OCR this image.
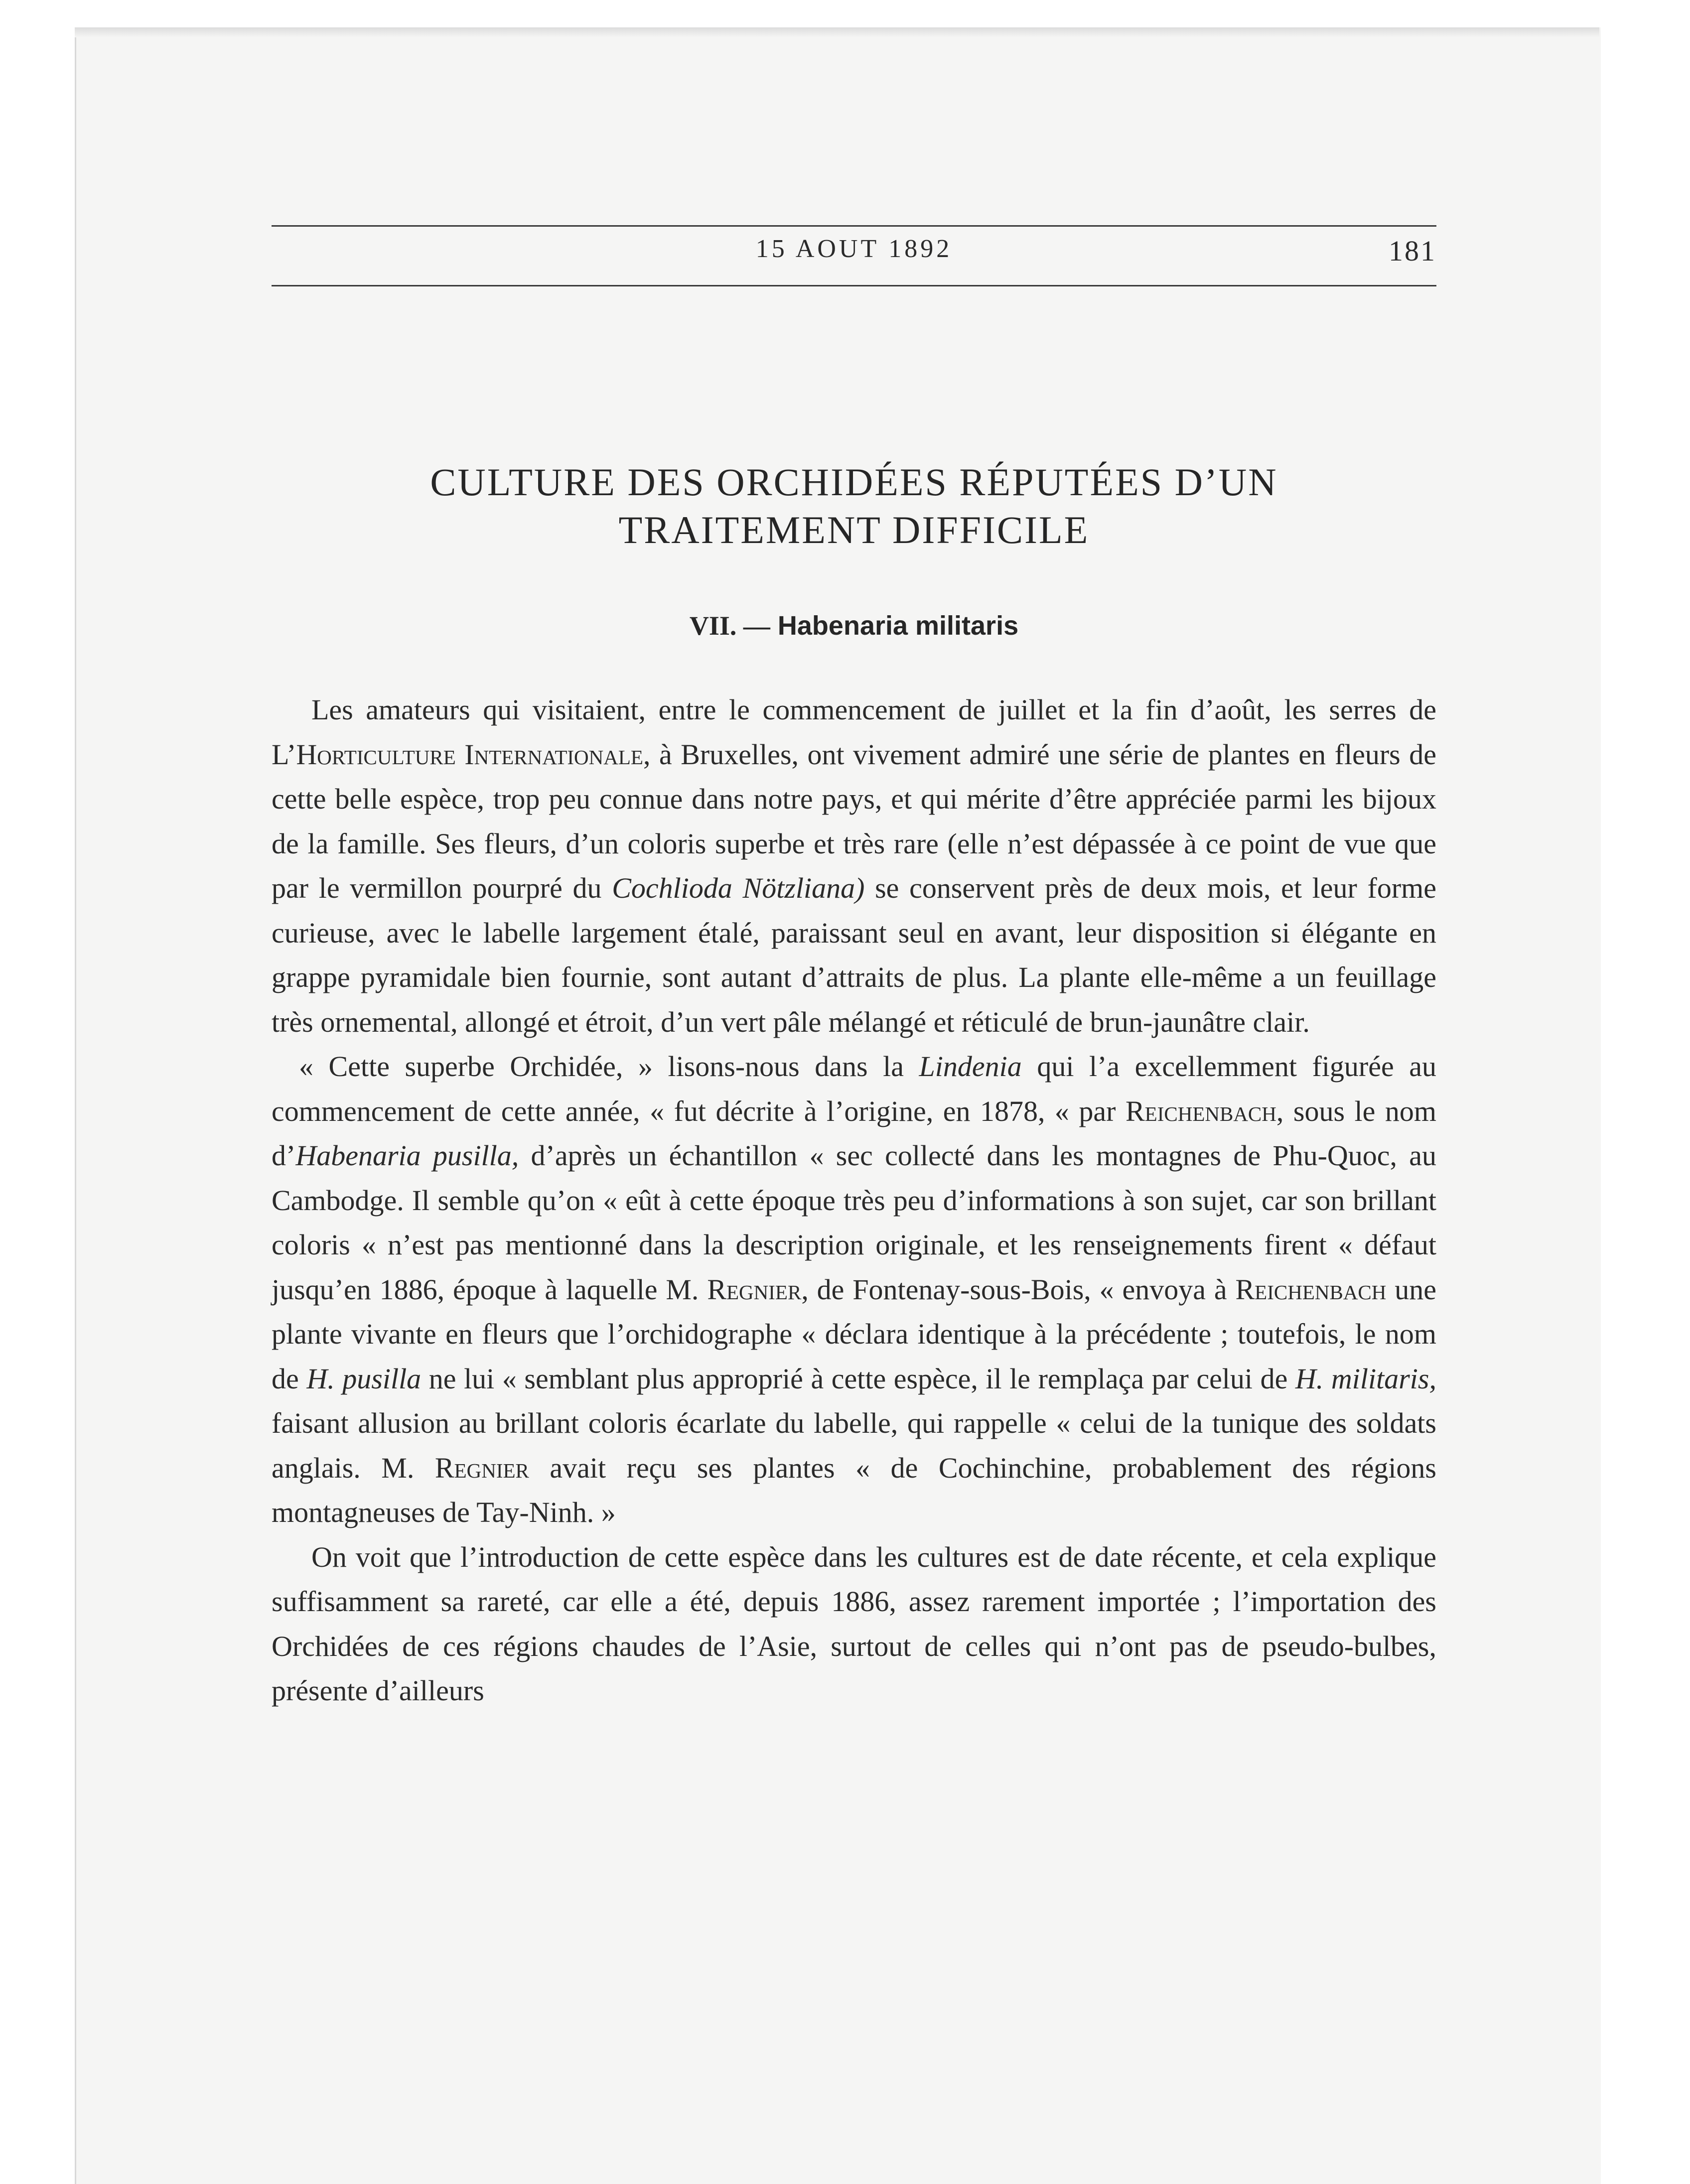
15 AOUT 1892	181
CULTURE DES ORCHIDÉES RÉPUTÉES D’UN
TRAITEMENT DIFFICILE
VII. — Habenaria militaris

Les amateurs qui visitaient, entre le commencement de juillet et la fin d’août, les serres de L’Horticulture Internationale, à Bruxelles, ont vivement admiré une série de plantes en fleurs de cette belle espèce, trop peu connue dans notre pays, et qui mérite d’être appréciée parmi les bijoux de la famille. Ses fleurs, d’un coloris superbe et très rare (elle n’est dépassée à ce point de vue que par le vermillon pourpré du Cochlioda Nötzliana) se conservent près de deux mois, et leur forme curieuse, avec le labelle largement étalé, paraissant seul en avant, leur disposition si élégante en grappe pyramidale bien fournie, sont autant d’attraits de plus. La plante elle-même a un feuillage très ornemental, allongé et étroit, d’un vert pâle mélangé et réticulé de brun-jaunâtre clair.

« Cette superbe Orchidée, » lisons-nous dans la Lindenia qui l’a excellemment figurée au commencement de cette année, « fut décrite à l’origine, en 1878, « par Reichenbach, sous le nom d’Habenaria pusilla, d’après un échantillon « sec collecté dans les montagnes de Phu-Quoc, au Cambodge. Il semble qu’on « eût à cette époque très peu d’informations à son sujet, car son brillant coloris « n’est pas mentionné dans la description originale, et les renseignements firent « défaut jusqu’en 1886, époque à laquelle M. Regnier, de Fontenay-sous-Bois, « envoya à Reichenbach une plante vivante en fleurs que l’orchidographe « déclara identique à la précédente ; toutefois, le nom de H. pusilla ne lui « semblant plus approprié à cette espèce, il le remplaça par celui de H. militaris, faisant allusion au brillant coloris écarlate du labelle, qui rappelle « celui de la tunique des soldats anglais. M. Regnier avait reçu ses plantes « de Cochinchine, probablement des régions montagneuses de Tay-Ninh. »

On voit que l’introduction de cette espèce dans les cultures est de date récente, et cela explique suffisamment sa rareté, car elle a été, depuis 1886, assez rarement importée ; l’importation des Orchidées de ces régions chaudes de l’Asie, surtout de celles qui n’ont pas de pseudo-bulbes, présente d’ailleurs
